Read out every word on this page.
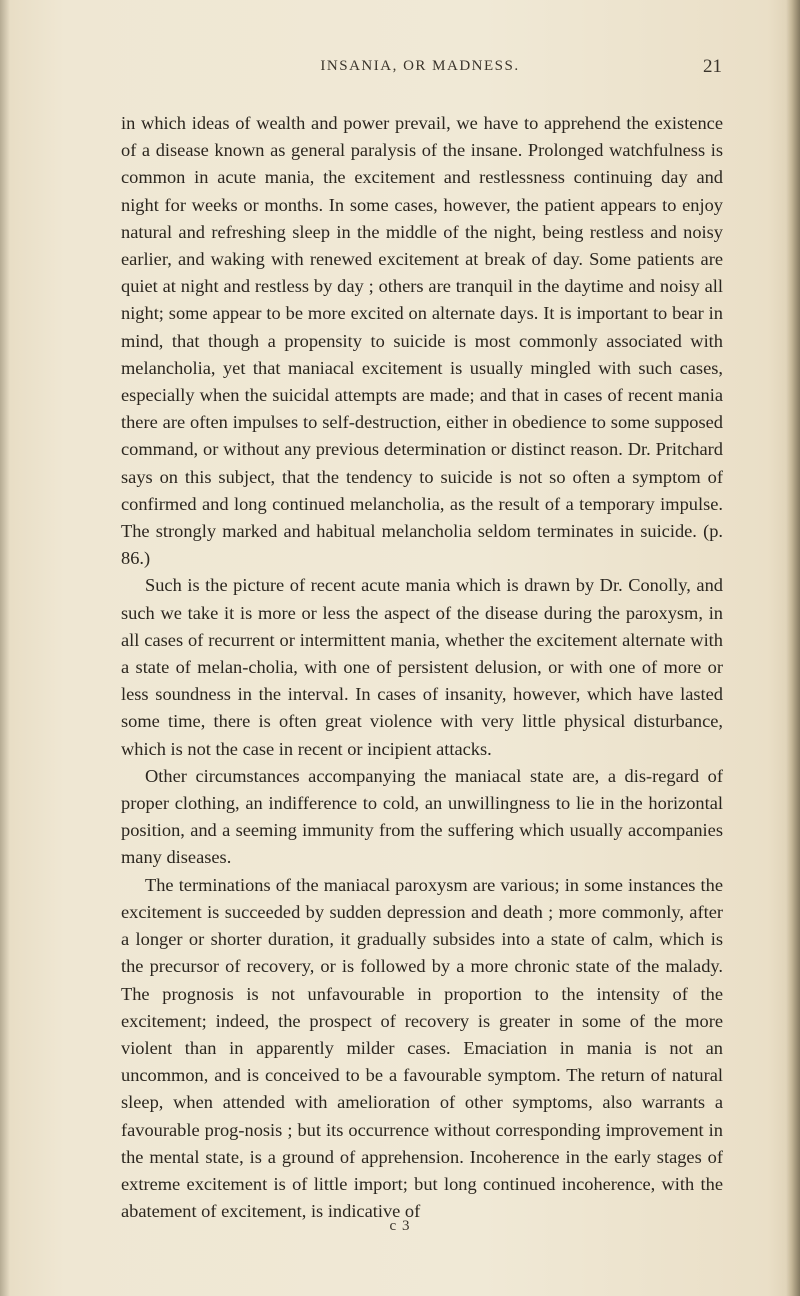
INSANIA, OR MADNESS.	21

in which ideas of wealth and power prevail, we have to apprehend the existence of a disease known as general paralysis of the insane. Prolonged watchfulness is common in acute mania, the excitement and restlessness continuing day and night for weeks or months. In some cases, however, the patient appears to enjoy natural and refreshing sleep in the middle of the night, being restless and noisy earlier, and waking with renewed excitement at break of day. Some patients are quiet at night and restless by day ; others are tranquil in the daytime and noisy all night; some appear to be more excited on alternate days. It is important to bear in mind, that though a propensity to suicide is most commonly associated with melancholia, yet that maniacal excitement is usually mingled with such cases, especially when the suicidal attempts are made; and that in cases of recent mania there are often impulses to self-destruction, either in obedience to some supposed command, or without any previous determination or distinct reason. Dr. Pritchard says on this subject, that the tendency to suicide is not so often a symptom of confirmed and long continued melancholia, as the result of a temporary impulse. The strongly marked and habitual melancholia seldom terminates in suicide. (p. 86.)

Such is the picture of recent acute mania which is drawn by Dr. Conolly, and such we take it is more or less the aspect of the disease during the paroxysm, in all cases of recurrent or intermittent mania, whether the excitement alternate with a state of melan-cholia, with one of persistent delusion, or with one of more or less soundness in the interval. In cases of insanity, however, which have lasted some time, there is often great violence with very little physical disturbance, which is not the case in recent or incipient attacks.

Other circumstances accompanying the maniacal state are, a dis-regard of proper clothing, an indifference to cold, an unwillingness to lie in the horizontal position, and a seeming immunity from the suffering which usually accompanies many diseases.

The terminations of the maniacal paroxysm are various; in some instances the excitement is succeeded by sudden depression and death ; more commonly, after a longer or shorter duration, it gradually subsides into a state of calm, which is the precursor of recovery, or is followed by a more chronic state of the malady. The prognosis is not unfavourable in proportion to the intensity of the excitement; indeed, the prospect of recovery is greater in some of the more violent than in apparently milder cases. Emaciation in mania is not an uncommon, and is conceived to be a favourable symptom. The return of natural sleep, when attended with amelioration of other symptoms, also warrants a favourable prog-nosis ; but its occurrence without corresponding improvement in the mental state, is a ground of apprehension. Incoherence in the early stages of extreme excitement is of little import; but long continued incoherence, with the abatement of excitement, is indicative of

c 3
